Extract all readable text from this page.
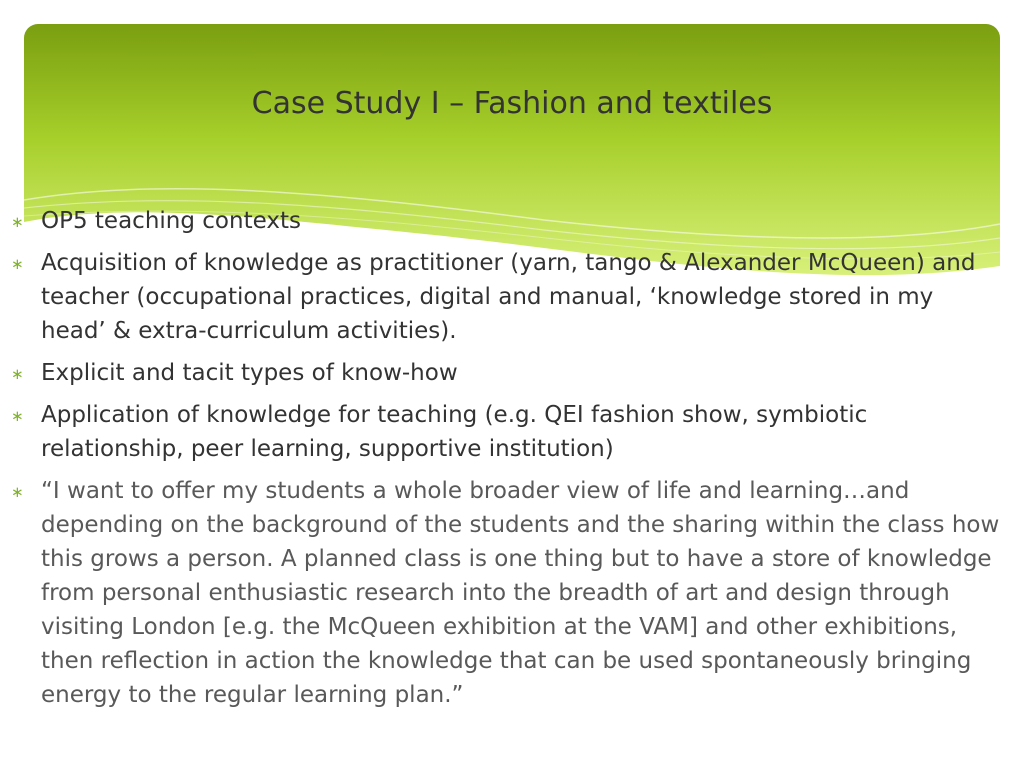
Case Study I – Fashion and textiles
∗ OP5 teaching contexts
∗ Acquisition of knowledge as practitioner (yarn, tango & Alexander McQueen) and teacher (occupational practices, digital and manual, ‘knowledge stored in my head’ & extra-curriculum activities).
∗ Explicit and tacit types of know-how
∗ Application of knowledge for teaching (e.g. QEI fashion show, symbiotic relationship, peer learning, supportive institution)
∗ “I want to offer my students a whole broader view of life and learning…and depending on the background of the students and the sharing within the class how this grows a person. A planned class is one thing but to have a store of knowledge from personal enthusiastic research into the breadth of art and design through visiting London [e.g. the McQueen exhibition at the VAM] and other exhibitions, then reflection in action the knowledge that can be used spontaneously bringing energy to the regular learning plan.”
